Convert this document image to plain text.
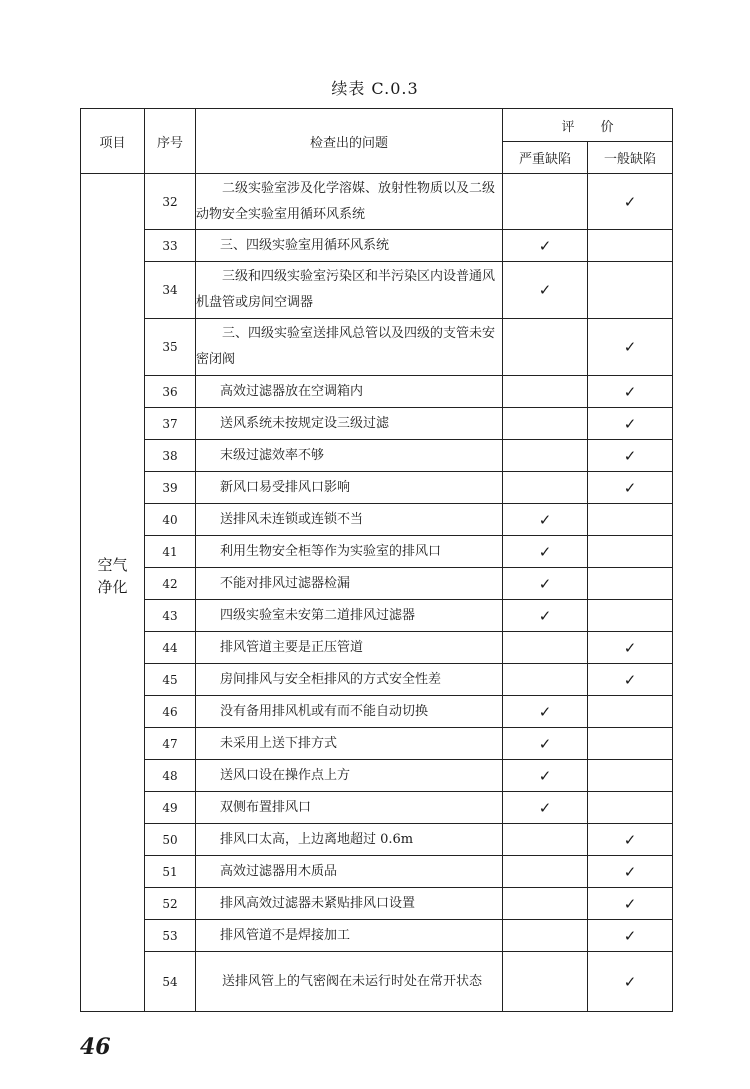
续表 C.0.3
项目	序号	检查出的问题	评价	
			严重缺陷	一般缺陷

空气
净化	32	二级实验室涉及化学溶媒、放射性物质以及二级动物安全实验室用循环风系统		✓
	33	三、四级实验室用循环风系统	✓	
	34	三级和四级实验室污染区和半污染区内设普通风机盘管或房间空调器	✓	
	35	三、四级实验室送排风总管以及四级的支管未安密闭阀		✓
	36	高效过滤器放在空调箱内		✓
	37	送风系统未按规定设三级过滤		✓
	38	末级过滤效率不够		✓
	39	新风口易受排风口影响		✓
	40	送排风未连锁或连锁不当	✓	
	41	利用生物安全柜等作为实验室的排风口	✓	
	42	不能对排风过滤器检漏	✓	
	43	四级实验室未安第二道排风过滤器	✓	
	44	排风管道主要是正压管道		✓
	45	房间排风与安全柜排风的方式安全性差		✓
	46	没有备用排风机或有而不能自动切换	✓	
	47	未采用上送下排方式	✓	
	48	送风口设在操作点上方	✓	
	49	双侧布置排风口	✓	
	50	排风口太高，上边离地超过 0.6m		✓
	51	高效过滤器用木质品		✓
	52	排风高效过滤器未紧贴排风口设置		✓
	53	排风管道不是焊接加工		✓
	54	送排风管上的气密阀在未运行时处在常开状态		✓
46
